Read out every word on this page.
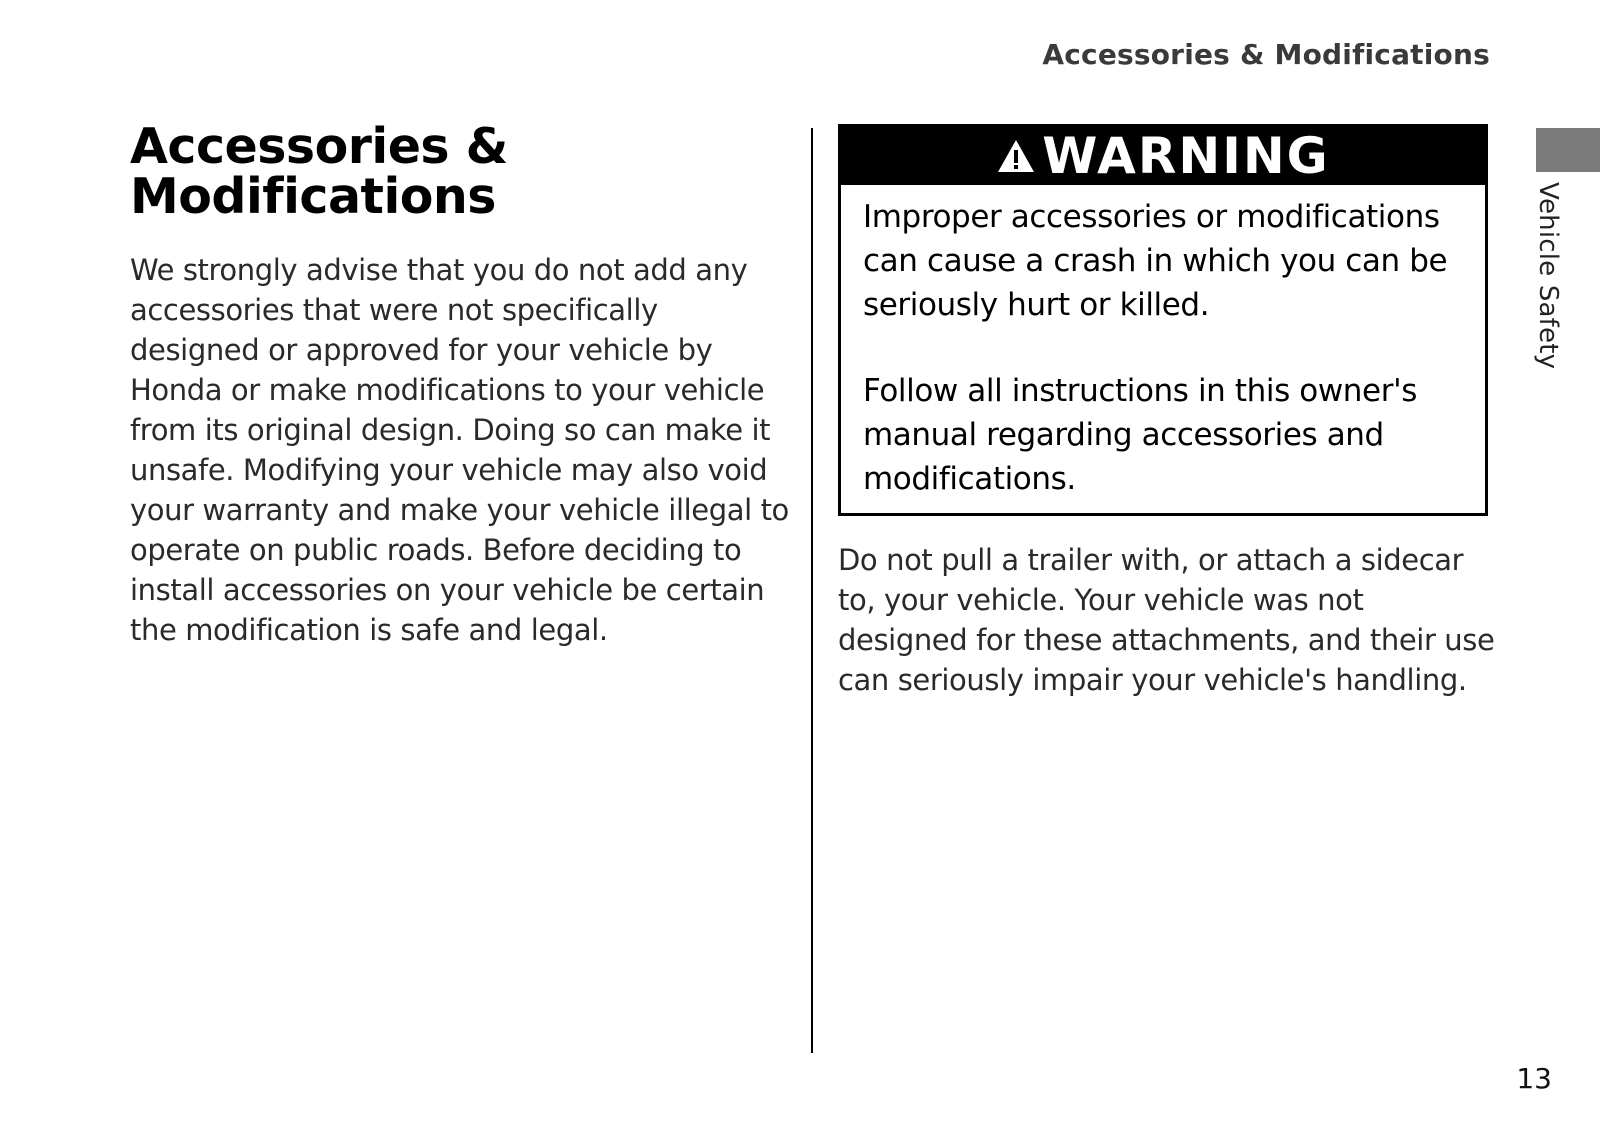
Accessories & Modifications
Accessories &
Modifications

We strongly advise that you do not add any accessories that were not specifically designed or approved for your vehicle by Honda or make modifications to your vehicle from its original design. Doing so can make it unsafe. Modifying your vehicle may also void your warranty and make your vehicle illegal to operate on public roads. Before deciding to install accessories on your vehicle be certain the modification is safe and legal.

WARNING

Improper accessories or modifications can cause a crash in which you can be seriously hurt or killed.

Follow all instructions in this owner's manual regarding accessories and modifications.

Do not pull a trailer with, or attach a sidecar to, your vehicle. Your vehicle was not designed for these attachments, and their use can seriously impair your vehicle's handling.

Vehicle Safety
13
